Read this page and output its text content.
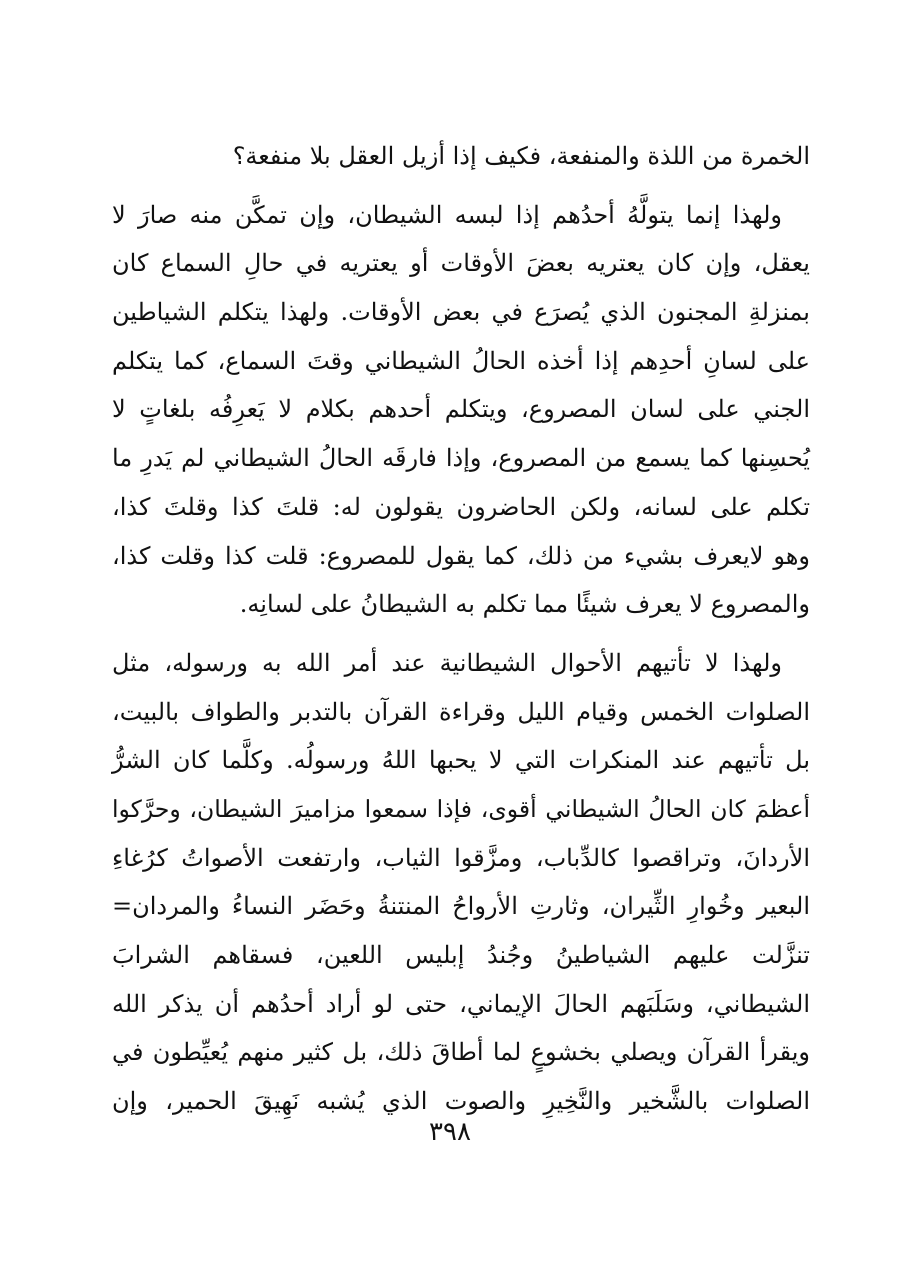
الخمرة من اللذة والمنفعة، فكيف إذا أزيل العقل بلا منفعة؟
ولهذا إنما يتولَّهُ أحدُهم إذا لبسه الشيطان، وإن تمكَّن منه صارَ لا
يعقل، وإن كان يعتريه بعضَ الأوقات أو يعتريه في حالِ السماع كان
بمنزلةِ المجنون الذي يُصرَع في بعض الأوقات. ولهذا يتكلم الشياطين
على لسانِ أحدِهم إذا أخذه الحالُ الشيطاني وقتَ السماع، كما يتكلم
الجني على لسان المصروع، ويتكلم أحدهم بكلام لا يَعرِفُه بلغاتٍ لا
يُحسِنها كما يسمع من المصروع، وإذا فارقَه الحالُ الشيطاني لم يَدرِ ما
تكلم على لسانه، ولكن الحاضرون يقولون له: قلتَ كذا وقلتَ كذا،
وهو لايعرف بشيء من ذلك، كما يقول للمصروع: قلت كذا وقلت كذا،
والمصروع لا يعرف شيئًا مما تكلم به الشيطانُ على لسانِه.
ولهذا لا تأتيهم الأحوال الشيطانية عند أمر الله به ورسوله، مثل
الصلوات الخمس وقيام الليل وقراءة القرآن بالتدبر والطواف بالبيت،
بل تأتيهم عند المنكرات التي لا يحبها اللهُ ورسولُه. وكلَّما كان الشرُّ
أعظمَ كان الحالُ الشيطاني أقوى، فإذا سمعوا مزاميرَ الشيطان، وحرَّكوا
الأردانَ، وتراقصوا كالدِّباب، ومزَّقوا الثياب، وارتفعت الأصواتُ كرُغاءِ
البعير وخُوارِ الثِّيران، وثارتِ الأرواحُ المنتنةُ وحَضَر النساءُ والمردان=
تنزَّلت عليهم الشياطينُ وجُندُ إبليس اللعين، فسقاهم الشرابَ
الشيطاني، وسَلَبَهم الحالَ الإيماني، حتى لو أراد أحدُهم أن يذكر الله
ويقرأ القرآن ويصلي بخشوعٍ لما أطاقَ ذلك، بل كثير منهم يُعيِّطون في
الصلوات بالشَّخير والنَّخِيرِ والصوت الذي يُشبه نَهِيقَ الحمير، وإن
٣٩٨
